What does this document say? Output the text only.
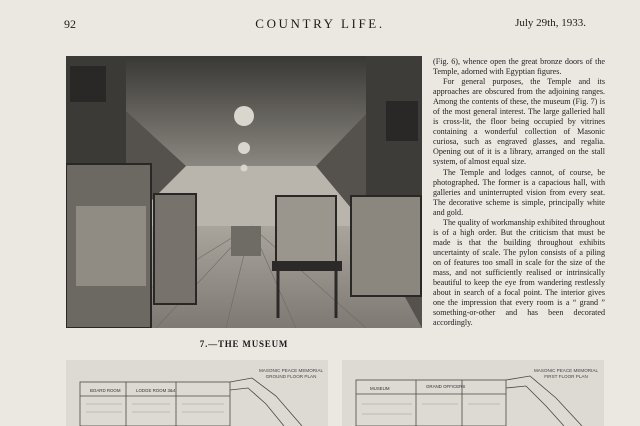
92	COUNTRY LIFE.	July 29th, 1933.
7.—THE MUSEUM

(Fig. 6), whence open the great bronze doors of the Temple, adorned with Egyptian figures.

For general purposes, the Temple and its approaches are obscured from the adjoining ranges. Among the contents of these, the museum (Fig. 7) is of the most general interest. The large galleried hall is cross-lit, the floor being occupied by vitrines containing a wonderful collection of Masonic curiosa, such as engraved glasses, and regalia. Opening out of it is a library, arranged on the stall system, of almost equal size.

The Temple and lodges cannot, of course, be photographed. The former is a capacious hall, with galleries and uninterrupted vision from every seat. The decorative scheme is simple, principally white and gold.

The quality of workmanship exhibited throughout is of a high order. But the criticism that must be made is that the building throughout exhibits uncertainty of scale. The pylon consists of a piling on of features too small in scale for the size of the mass, and not sufficiently realised or intrinsically beautiful to keep the eye from wandering restlessly about in search of a focal point. The interior gives one the impression that every room is a “ grand ” something-or-other and has been decorated accordingly.

MASONIC PEACE MEMORIAL
GROUND FLOOR PLAN
BOARD ROOM	LODGE ROOM 3&4
MASONIC PEACE MEMORIAL
FIRST FLOOR PLAN
MUSEUM	GRAND OFFICERS
